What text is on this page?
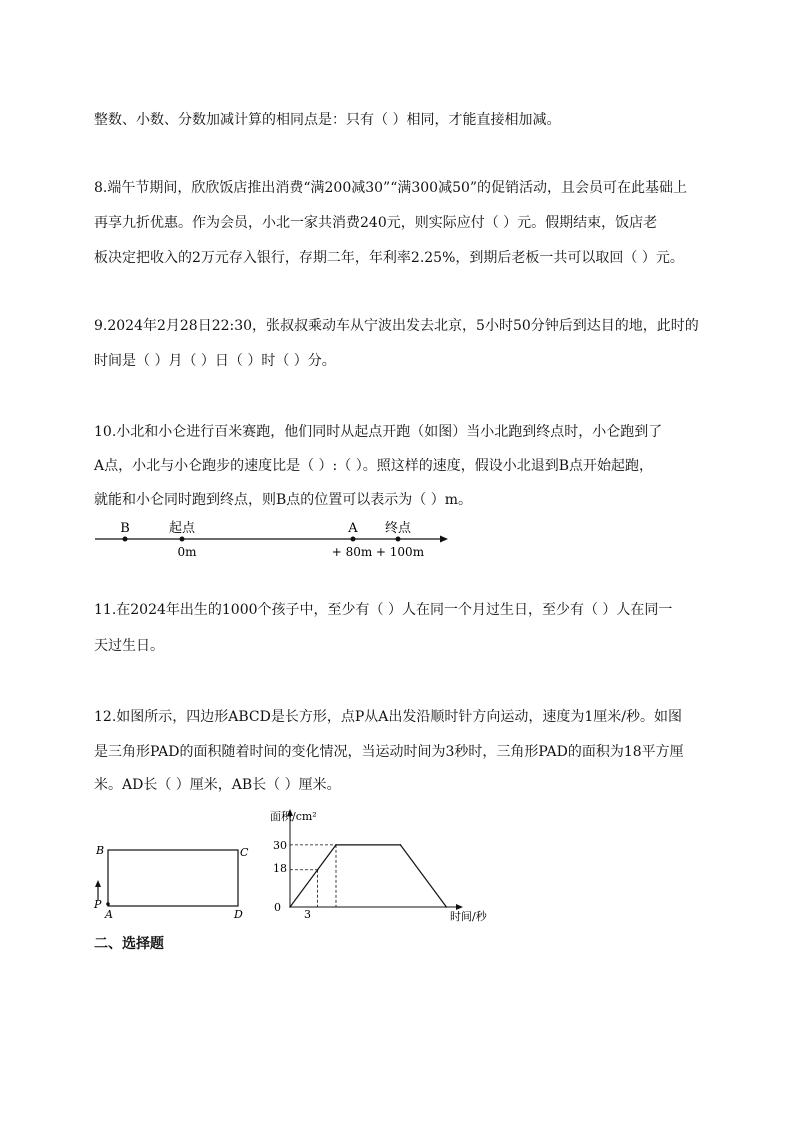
整数、小数、分数加减计算的相同点是：只有（ ）相同，才能直接相加减。
8.端午节期间，欣欣饭店推出消费“满200减30”“满300减50”的促销活动，且会员可在此基础上
再享九折优惠。作为会员，小北一家共消费240元，则实际应付（ ）元。假期结束，饭店老
板决定把收入的2万元存入银行，存期二年，年利率2.25%，到期后老板一共可以取回（ ）元。
9.2024年2月28日22:30，张叔叔乘动车从宁波出发去北京，5小时50分钟后到达目的地，此时的
时间是（ ）月（ ）日（ ）时（ ）分。
10.小北和小仑进行百米赛跑，他们同时从起点开跑（如图）当小北跑到终点时，小仑跑到了
A点，小北与小仑跑步的速度比是（ ）:（ ）。照这样的速度，假设小北退到B点开始起跑，
就能和小仑同时跑到终点，则B点的位置可以表示为（ ）m。
B	起点	A 终点
0m	+ 80m + 100m
11.在2024年出生的1000个孩子中，至少有（ ）人在同一个月过生日，至少有（ ）人在同一
天过生日。
12.如图所示，四边形ABCD是长方形，点P从A出发沿顺时针方向运动，速度为1厘米/秒。如图
是三角形PAD的面积随着时间的变化情况，当运动时间为3秒时，三角形PAD的面积为18平方厘
米。AD长（ ）厘米，AB长（ ）厘米。
B	C
P
A	D
面积/cm²
时间/秒
0
30
18
3
二、选择题
